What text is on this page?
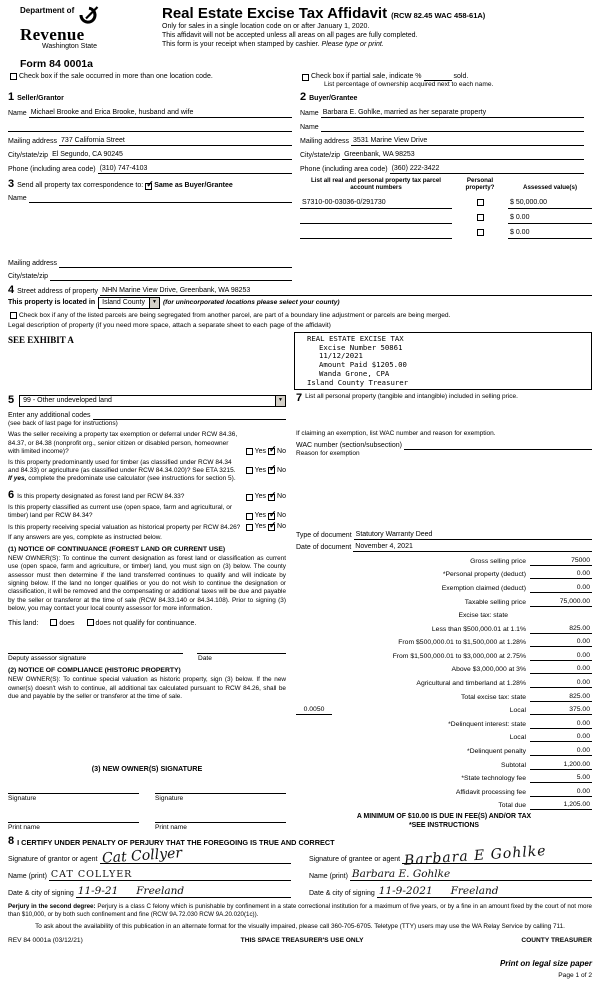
Department of
Revenue
Washington State
Form 84 0001a
Real Estate Excise Tax Affidavit (RCW 82.45 WAC 458-61A)
Only for sales in a single location code on or after January 1, 2020.
This affidavit will not be accepted unless all areas on all pages are fully completed.
This form is your receipt when stamped by cashier. Please type or print.
Check box if the sale occurred in more than one location code.	Check box if partial sale, indicate %	sold.
List percentage of ownership acquired next to each name.
1 Seller/Grantor
Name Michael Brooke and Erica Brooke, husband and wife
Mailing address 737 California Street
City/state/zip El Segundo, CA 90245
Phone (including area code) (310) 747-4103
2 Buyer/Grantee
Name Barbara E. Gohlke, married as her separate property
Name
Mailing address 3531 Marine View Drive
City/state/zip Greenbank, WA 98253
Phone (including area code) (360) 222-3422
3 Send all property tax correspondence to: ✓ Same as Buyer/Grantee
Name
Mailing address
City/state/zip
List all real and personal property tax parcel account numbers
Personal property?	Assessed value(s)
S7310-00-03036-0/291730	$ 50,000.00
$ 0.00
$ 0.00
4 Street address of property NHN Marine View Drive, Greenbank, WA 98253
This property is located in	Island County	▼ (for unincorporated locations please select your county)
Check box if any of the listed parcels are being segregated from another parcel, are part of a boundary line adjustment or parcels are being merged.
Legal description of property (if you need more space, attach a separate sheet to each page of the affidavit)
SEE EXHIBIT A	REAL ESTATE EXCISE TAX
Excise Number 50861
11/12/2021
Amount Paid $1205.00
Wanda Grone, CPA
Island County Treasurer
5	99 - Other undeveloped land	▼
Enter any additional codes
(see back of last page for instructions)
Was the seller receiving a property tax exemption or deferral under RCW 84.36, 84.37, or 84.38 (nonprofit org., senior citizen or disabled person, homeowner with limited income)?	Yes ✓ No
Is this property predominantly used for timber (as classified under RCW 84.34 and 84.33) or agriculture (as classified under RCW 84.34.020)? See ETA 3215.	Yes ✓ No
If yes, complete the predominate use calculator (see instructions for section 5).
6 Is this property designated as forest land per RCW 84.33?	Yes ✓ No
Is this property classified as current use (open space, farm and agricultural, or timber) land per RCW 84.34?	Yes ✓ No
Is this property receiving special valuation as historical property per RCW 84.26? Yes ✓ No
If any answers are yes, complete as instructed below.
(1) NOTICE OF CONTINUANCE (FOREST LAND OR CURRENT USE)
NEW OWNER(S): To continue the current designation as forest land or classification as current use (open space, farm and agriculture, or timber) land, you must sign on (3) below. The county assessor must then determine if the land transferred continues to qualify and will indicate by signing below. If the land no longer qualifies or you do not wish to continue the designation or classification, it will be removed and the compensating or additional taxes will be due and payable by the seller or transferor at the time of sale (RCW 84.33.140 or 84.34.108). Prior to signing (3) below, you may contact your local county assessor for more information.
This land:	does	does not qualify for continuance.
Deputy assessor signature	Date
(2) NOTICE OF COMPLIANCE (HISTORIC PROPERTY)
NEW OWNER(S): To continue special valuation as historic property, sign (3) below. If the new owner(s) doesn't wish to continue, all additional tax calculated pursuant to RCW 84.26, shall be due and payable by the seller or transferor at the time of sale.
(3) NEW OWNER(S) SIGNATURE
Signature	Signature
Print name	Print name
7 List all personal property (tangible and intangible) included in selling price.
If claiming an exemption, list WAC number and reason for exemption.
WAC number (section/subsection)
Reason for exemption
Type of document Statutory Warranty Deed
Date of document November 4, 2021
Gross selling price	75000
*Personal property (deduct)	0.00
Exemption claimed (deduct)	0.00
Taxable selling price	75,000.00
Excise tax: state
Less than $500,000.01 at 1.1%	825.00
From $500,000.01 to $1,500,000 at 1.28%	0.00
From $1,500,000.01 to $3,000,000 at 2.75%	0.00
Above $3,000,000 at 3%	0.00
Agricultural and timberland at 1.28%	0.00
Total excise tax: state	825.00
0.0050	Local	375.00
*Delinquent interest: state	0.00
Local	0.00
*Delinquent penalty	0.00
Subtotal	1,200.00
*State technology fee	5.00
Affidavit processing fee	0.00
Total due	1,205.00
A MINIMUM OF $10.00 IS DUE IN FEE(S) AND/OR TAX
*SEE INSTRUCTIONS
8 I CERTIFY UNDER PENALTY OF PERJURY THAT THE FOREGOING IS TRUE AND CORRECT
Signature of grantor or agent Cat Collyer
Name (print) CAT COLLYER
Date & city of signing 11-9-21 Freeland
Signature of grantee or agent Barbara E Gohlke
Name (print) Barbara E. Gohlke
Date & city of signing 11-9-2021 Freeland
Perjury in the second degree: Perjury is a class C felony which is punishable by confinement in a state correctional institution for a maximum of five years, or by a fine in an amount fixed by the court of not more than $10,000, or by both such confinement and fine (RCW 9A.72.030 RCW 9A.20.020(1c)).
To ask about the availability of this publication in an alternate format for the visually impaired, please call 360-705-6705. Teletype (TTY) users may use the WA Relay Service by calling 711.
REV 84 0001a (03/12/21)	THIS SPACE TREASURER'S USE ONLY	COUNTY TREASURER
Print on legal size paper
Page 1 of 2
